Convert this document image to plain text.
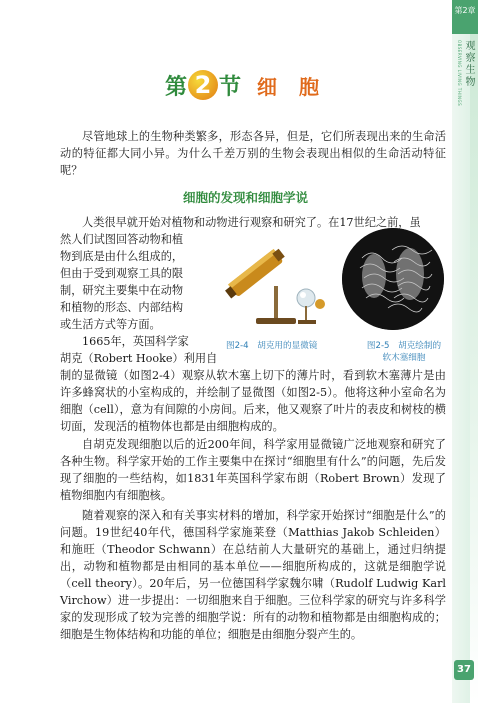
第2章
观察生物
OBSERVING LIVING THINGS
第 2 节 细胞

尽管地球上的生物种类繁多，形态各异，但是，它们所表现出来的生命活动的特征都大同小异。为什么千差万别的生物会表现出相似的生命活动特征呢？

细胞的发现和细胞学说
人类很早就开始对植物和动物进行观察和研究了。在17世纪之前，虽
然人们试图回答动物和植
物到底是由什么组成的，
但由于受到观察工具的限
制，研究主要集中在动物
和植物的形态、内部结构
或生活方式等方面。
1665年，英国科学家
胡克（Robert Hooke）利用自

制的显微镜（如图2-4）观察从软木塞上切下的薄片时，看到软木塞薄片是由许多蜂窝状的小室构成的，并绘制了显微图（如图2-5）。他将这种小室命名为细胞（cell），意为有间隙的小房间。后来，他又观察了叶片的表皮和树枝的横切面，发现活的植物体也都是由细胞构成的。

图2-4　胡克用的显微镜	图2-5　胡克绘制的
软木塞细胞

自胡克发现细胞以后的近200年间，科学家用显微镜广泛地观察和研究了各种生物。科学家开始的工作主要集中在探讨“细胞里有什么”的问题，先后发现了细胞的一些结构，如1831年英国科学家布朗（Robert Brown）发现了植物细胞内有细胞核。

随着观察的深入和有关事实材料的增加，科学家开始探讨“细胞是什么”的问题。19世纪40年代，德国科学家施莱登（Matthias Jakob Schleiden）和施旺（Theodor Schwann）在总结前人大量研究的基础上，通过归纳提出，动物和植物都是由相同的基本单位——细胞所构成的，这就是细胞学说（cell theory）。20年后，另一位德国科学家魏尔啸（Rudolf Ludwig Karl Virchow）进一步提出：一切细胞来自于细胞。三位科学家的研究与许多科学家的发现形成了较为完善的细胞学说：所有的动物和植物都是由细胞构成的；细胞是生物体结构和功能的单位；细胞是由细胞分裂产生的。

37
